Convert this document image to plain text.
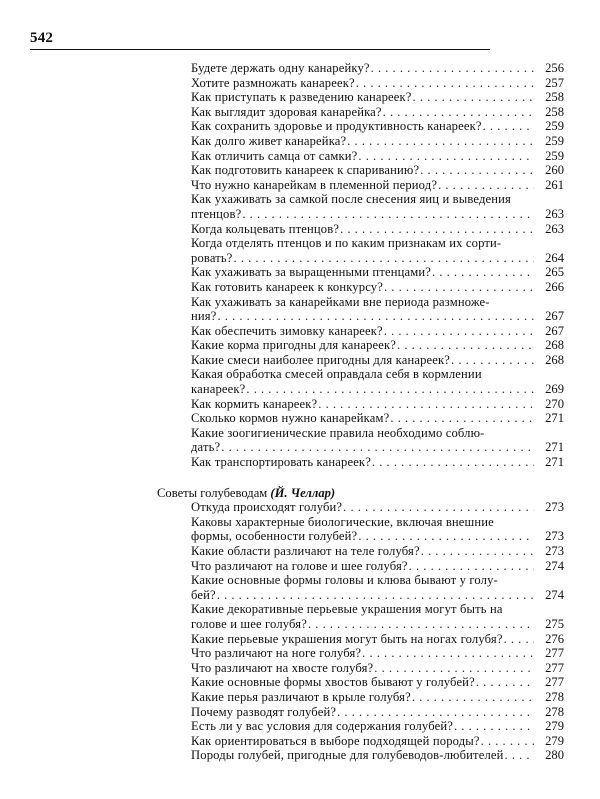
542
Будете держать одну канарейку? . . .	256
Хотите размножать канареек? . . .	257
Как приступать к разведению канареек? . . .	258
Как выглядит здоровая канарейка? . . .	258
Как сохранить здоровье и продуктивность канареек? . . .	259
Как долго живет канарейка? . . .	259
Как отличить самца от самки? . . .	259
Как подготовить канареек к спариванию? . . .	260
Что нужно канарейкам в племенной период? . . .	261
Как ухаживать за самкой после снесения яиц и выведения
птенцов? . . .	263
Когда кольцевать птенцов? . . .	263
Когда отделять птенцов и по каким признакам их сорти-
ровать? . . .	264
Как ухаживать за выращенными птенцами? . . .	265
Как готовить канареек к конкурсу? . . .	266
Как ухаживать за канарейками вне периода размноже-
ния? . . .	267
Как обеспечить зимовку канареек? . . .	267
Какие корма пригодны для канареек? . . .	268
Какие смеси наиболее пригодны для канареек? . . .	268
Какая обработка смесей оправдала себя в кормлении
канареек? . . .	269
Как кормить канареек? . . .	270
Сколько кормов нужно канарейкам? . . .	271
Какие зоогигиенические правила необходимо соблю-
дать? . . .	271
Как транспортировать канареек? . . .	271
Советы голубеводам (Й. Челлар)
Откуда происходят голуби? . . .	273
Каковы характерные биологические, включая внешние
формы, особенности голубей? . . .	273
Какие области различают на теле голубя? . . .	273
Что различают на голове и шее голубя? . . .	274
Какие основные формы головы и клюва бывают у голу-
бей? . . .	274
Какие декоративные перьевые украшения могут быть на
голове и шее голубя? . . .	275
Какие перьевые украшения могут быть на ногах голубя? . . .	276
Что различают на ноге голубя? . . .	277
Что различают на хвосте голубя? . . .	277
Какие основные формы хвостов бывают у голубей? . . .	277
Какие перья различают в крыле голубя? . . .	278
Почему разводят голубей? . . .	278
Есть ли у вас условия для содержания голубей? . . .	279
Как ориентироваться в выборе подходящей породы? . . .	279
Породы голубей, пригодные для голубеводов-любителей . . .	280
